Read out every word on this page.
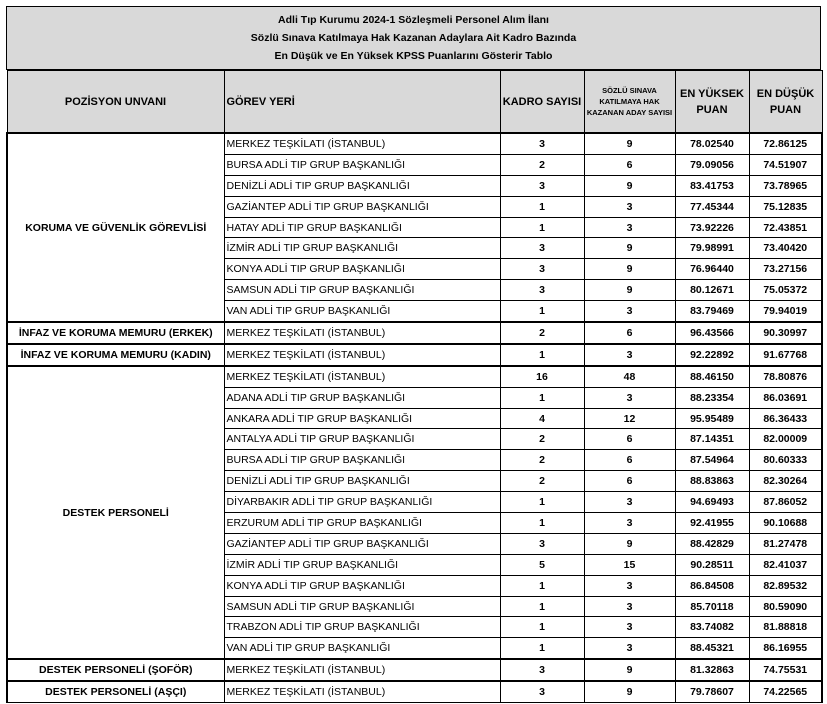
Adli Tıp Kurumu 2024-1 Sözleşmeli Personel Alım İlanı
Sözlü Sınava Katılmaya Hak Kazanan Adaylara Ait Kadro Bazında
En Düşük ve En Yüksek KPSS Puanlarını Gösterir Tablo
POZİSYON UNVANI	GÖREV YERİ	KADRO SAYISI	SÖZLÜ SINAVA KATILMAYA HAK KAZANAN ADAY SAYISI	EN YÜKSEK PUAN	EN DÜŞÜK PUAN
KORUMA VE GÜVENLİK GÖREVLİSİ	MERKEZ TEŞKİLATI (İSTANBUL)	3	9	78.02540	72.86125
	BURSA ADLİ TIP GRUP BAŞKANLIĞI	2	6	79.09056	74.51907
	DENİZLİ ADLİ TIP GRUP BAŞKANLIĞI	3	9	83.41753	73.78965
	GAZİANTEP ADLİ TIP GRUP BAŞKANLIĞI	1	3	77.45344	75.12835
	HATAY ADLİ TIP GRUP BAŞKANLIĞI	1	3	73.92226	72.43851
	İZMİR ADLİ TIP GRUP BAŞKANLIĞI	3	9	79.98991	73.40420
	KONYA ADLİ TIP GRUP BAŞKANLIĞI	3	9	76.96440	73.27156
	SAMSUN ADLİ TIP GRUP BAŞKANLIĞI	3	9	80.12671	75.05372
	VAN ADLİ TIP GRUP BAŞKANLIĞI	1	3	83.79469	79.94019
İNFAZ VE KORUMA MEMURU (ERKEK)	MERKEZ TEŞKİLATI (İSTANBUL)	2	6	96.43566	90.30997
İNFAZ VE KORUMA MEMURU (KADIN)	MERKEZ TEŞKİLATI (İSTANBUL)	1	3	92.22892	91.67768
DESTEK PERSONELİ	MERKEZ TEŞKİLATI (İSTANBUL)	16	48	88.46150	78.80876
	ADANA ADLİ TIP GRUP BAŞKANLIĞI	1	3	88.23354	86.03691
	ANKARA ADLİ TIP GRUP BAŞKANLIĞI	4	12	95.95489	86.36433
	ANTALYA ADLİ TIP GRUP BAŞKANLIĞI	2	6	87.14351	82.00009
	BURSA ADLİ TIP GRUP BAŞKANLIĞI	2	6	87.54964	80.60333
	DENİZLİ ADLİ TIP GRUP BAŞKANLIĞI	2	6	88.83863	82.30264
	DİYARBAKIR ADLİ TIP GRUP BAŞKANLIĞI	1	3	94.69493	87.86052
	ERZURUM ADLİ TIP GRUP BAŞKANLIĞI	1	3	92.41955	90.10688
	GAZİANTEP ADLİ TIP GRUP BAŞKANLIĞI	3	9	88.42829	81.27478
	İZMİR ADLİ TIP GRUP BAŞKANLIĞI	5	15	90.28511	82.41037
	KONYA ADLİ TIP GRUP BAŞKANLIĞI	1	3	86.84508	82.89532
	SAMSUN ADLİ TIP GRUP BAŞKANLIĞI	1	3	85.70118	80.59090
	TRABZON ADLİ TIP GRUP BAŞKANLIĞI	1	3	83.74082	81.88818
	VAN ADLİ TIP GRUP BAŞKANLIĞI	1	3	88.45321	86.16955
DESTEK PERSONELİ (ŞOFÖR)	MERKEZ TEŞKİLATI (İSTANBUL)	3	9	81.32863	74.75531
DESTEK PERSONELİ (AŞÇI)	MERKEZ TEŞKİLATI (İSTANBUL)	3	9	79.78607	74.22565
